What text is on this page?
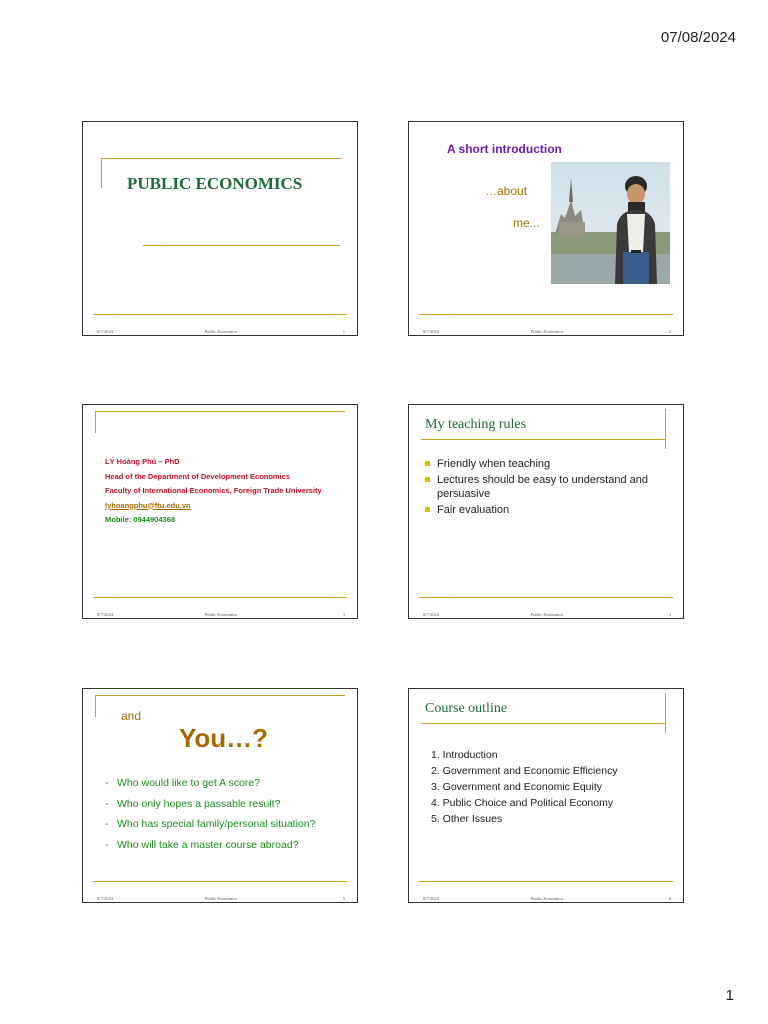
07/08/2024
PUBLIC ECONOMICS
8/7/2024	Public Economics	1
A short introduction
…about
me...
8/7/2024	Public Economics	2
LÝ Hoàng Phú – PhD
Head of the Department of Development Economics
Faculty of International Economics, Foreign Trade University
lyhoangphu@ftu.edu.vn
Mobile: 0944904368
8/7/2024	Public Economics	3
My teaching rules
Friendly when teaching
Lectures should be easy to understand and persuasive
Fair evaluation
8/7/2024	Public Economics	4
and
You…?
- Who would like to get A score?
- Who only hopes a passable result?
- Who has special family/personal situation?
- Who will take a master course abroad?
8/7/2024	Public Economics	5
Course outline
1. Introduction
2. Government and Economic Efficiency
3. Government and Economic Equity
4. Public Choice and Political Economy
5. Other Issues
8/7/2024	Public Economics	6
1
